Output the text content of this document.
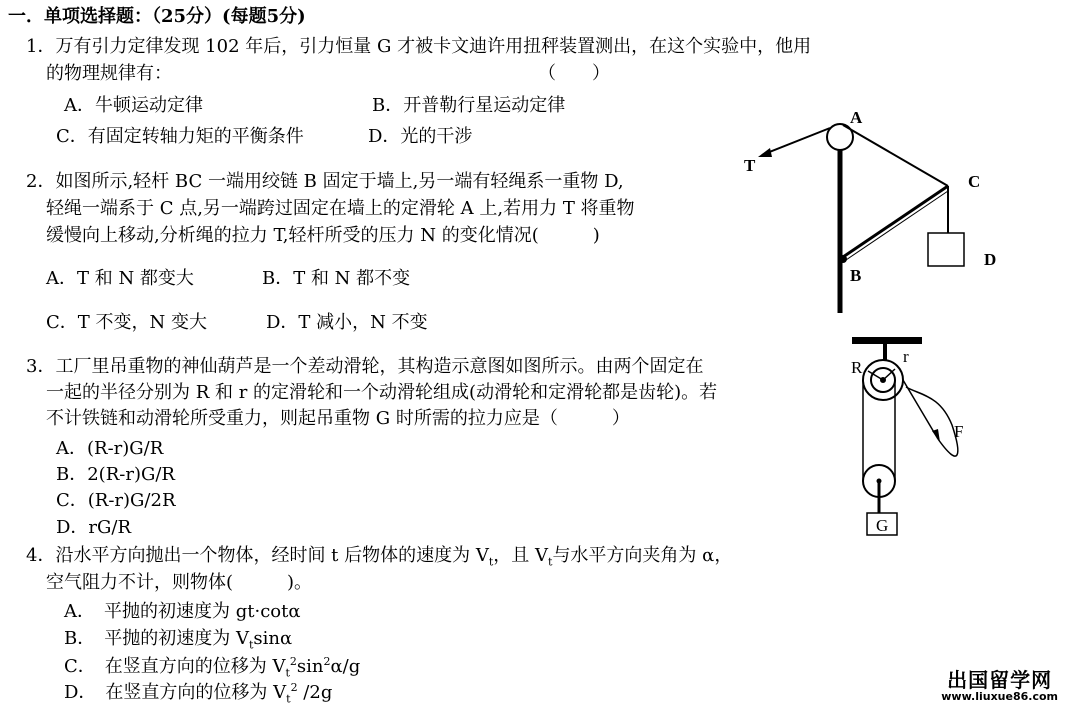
一．单项选择题：（25分）(每题5分)
1．万有引力定律发现 102 年后，引力恒量 G 才被卡文迪许用扭秤装置测出，在这个实验中，他用
的物理规律有：	（　　）
A．牛顿运动定律	B．开普勒行星运动定律
C．有固定转轴力矩的平衡条件	D．光的干涉
2．如图所示,轻杆 BC 一端用绞链 B 固定于墙上,另一端有轻绳系一重物 D,
轻绳一端系于 C 点,另一端跨过固定在墙上的定滑轮 A 上,若用力 T 将重物
缓慢向上移动,分析绳的拉力 T,轻杆所受的压力 N 的变化情况(　　　)
A．T 和 N 都变大	B．T 和 N 都不变
C．T 不变，N 变大	D．T 减小，N 不变
3．工厂里吊重物的神仙葫芦是一个差动滑轮，其构造示意图如图所示。由两个固定在
一起的半径分别为 R 和 r 的定滑轮和一个动滑轮组成(动滑轮和定滑轮都是齿轮)。若
不计铁链和动滑轮所受重力，则起吊重物 G 时所需的拉力应是（　　　）
A．(R-r)G/R
B．2(R-r)G/R
C．(R-r)G/2R
D．rG/R
4．沿水平方向抛出一个物体，经时间 t 后物体的速度为 $V_t$，且 $V_t$与水平方向夹角为 α，
空气阻力不计，则物体(　　　)。
A．　平抛的初速度为 gt·cotα
B．　平抛的初速度为 $V_t\sin\alpha$
C．　在竖直方向的位移为 $V_t^2\sin^2\alpha/g$
D．　在竖直方向的位移为 $V_t^2$ /2g
A
T
C
D
B
R
r
F
G
出国留学网
www.liuxue86.com
